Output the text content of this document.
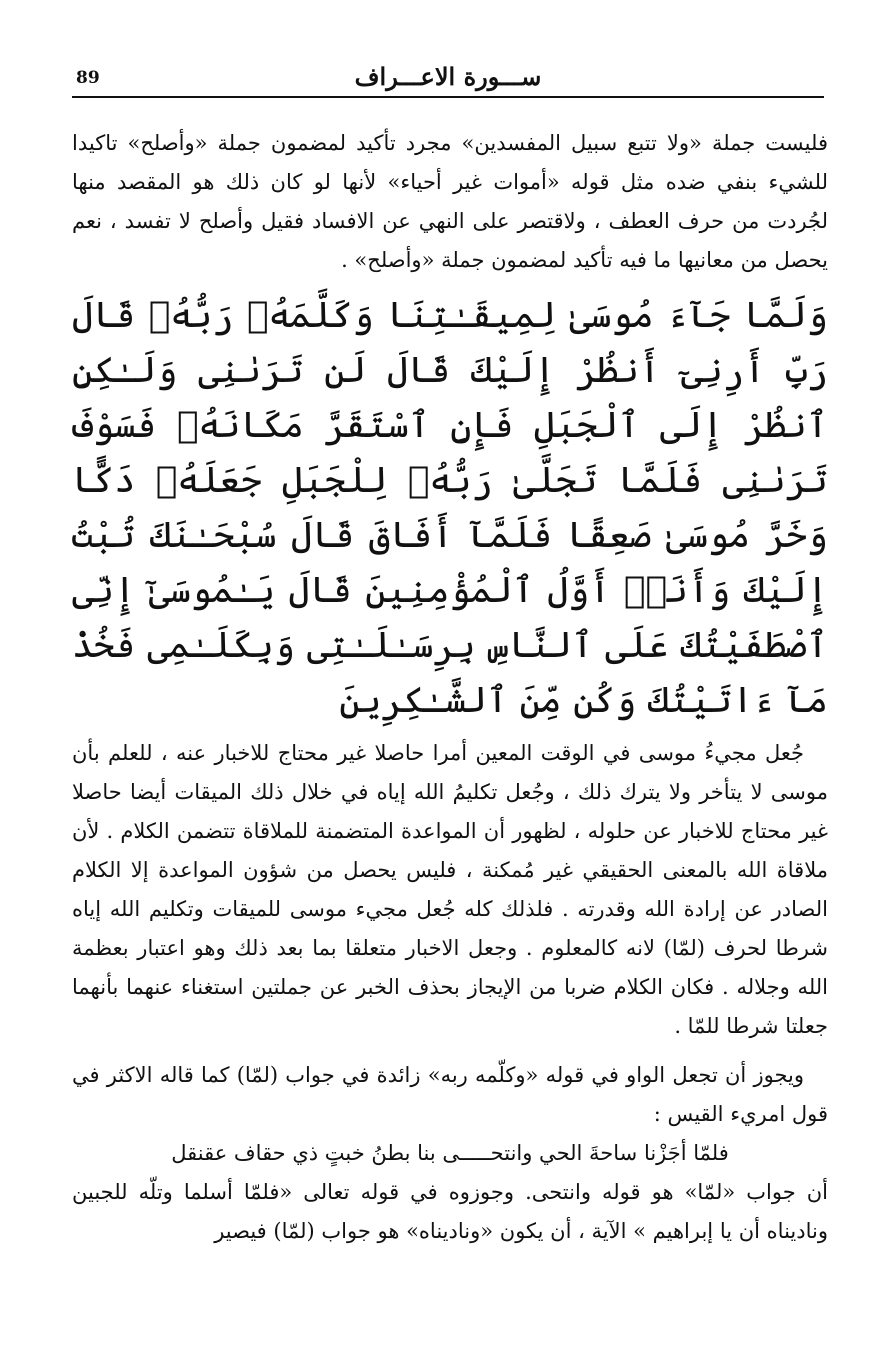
89	ســـورة الاعـــراف

فليست جملة «ولا تتبع سبيل المفسدين» مجرد تأكيد لمضمون جملة «وأصلح» تاكيدا للشيء بنفي ضده مثل قوله «أموات غير أحياء» لأنها لو كان ذلك هو المقصد منها لجُردت من حرف العطف ، ولاقتصر على النهي عن الافساد فقيل وأصلح لا تفسد ، نعم يحصل من معانيها ما فيه تأكيد لمضمون جملة «وأصلح» .

وَلَمَّا جَآءَ مُوسَىٰ لِمِيقَـٰتِنَا وَكَلَّمَهُۥ رَبُّهُۥ قَالَ رَبِّ أَرِنِىٓ أَنظُرْ إِلَيْكَ قَالَ لَن تَرَىٰنِى وَلَـٰكِنِ ٱنظُرْ إِلَى ٱلْجَبَلِ فَإِنِ ٱسْتَقَرَّ مَكَانَهُۥ فَسَوْفَ تَرَىٰنِى فَلَمَّا تَجَلَّىٰ رَبُّهُۥ لِلْجَبَلِ جَعَلَهُۥ دَكًّا وَخَرَّ مُوسَىٰ صَعِقًا فَلَمَّآ أَفَاقَ قَالَ سُبْحَـٰنَكَ تُبْتُ إِلَيْكَ وَأَنَا۠ أَوَّلُ ٱلْمُؤْمِنِينَ قَالَ يَـٰمُوسَىٰٓ إِنِّى ٱصْطَفَيْتُكَ عَلَى ٱلنَّاسِ بِرِسَـٰلَـٰتِى وَبِكَلَـٰمِى فَخُذْ مَآ ءَاتَيْتُكَ وَكُن مِّنَ ٱلشَّـٰكِرِينَ

جُعل مجيءُ موسى في الوقت المعين أمرا حاصلا غير محتاج للاخبار عنه ، للعلم بأن موسى لا يتأخر ولا يترك ذلك ، وجُعل تكليمُ الله إياه في خلال ذلك الميقات أيضا حاصلا غير محتاج للاخبار عن حلوله ، لظهور أن المواعدة المتضمنة للملاقاة تتضمن الكلام . لأن ملاقاة الله بالمعنى الحقيقي غير مُمكنة ، فليس يحصل من شؤون المواعدة إلا الكلام الصادر عن إرادة الله وقدرته . فلذلك كله جُعل مجيء موسى للميقات وتكليم الله إياه شرطا لحرف (لمّا) لانه كالمعلوم . وجعل الاخبار متعلقا بما بعد ذلك وهو اعتبار بعظمة الله وجلاله . فكان الكلام ضربا من الإيجاز بحذف الخبر عن جملتين استغناء عنهما بأنهما جعلتا شرطا للمّا .

ويجوز أن تجعل الواو في قوله «وكلّمه ربه» زائدة في جواب (لمّا) كما قاله الاكثر في قول امريء القيس :

فلمّا أجَزْنا ساحةَ الحي وانتحـــــى بنا بطنُ خبتٍ ذي حقاف عقنقل

أن جواب «لمّا» هو قوله وانتحى. وجوزوه في قوله تعالى «فلمّا أسلما وتلّه للجبين وناديناه أن يا إبراهيم » الآية ، أن يكون «وناديناه» هو جواب (لمّا) فيصير
